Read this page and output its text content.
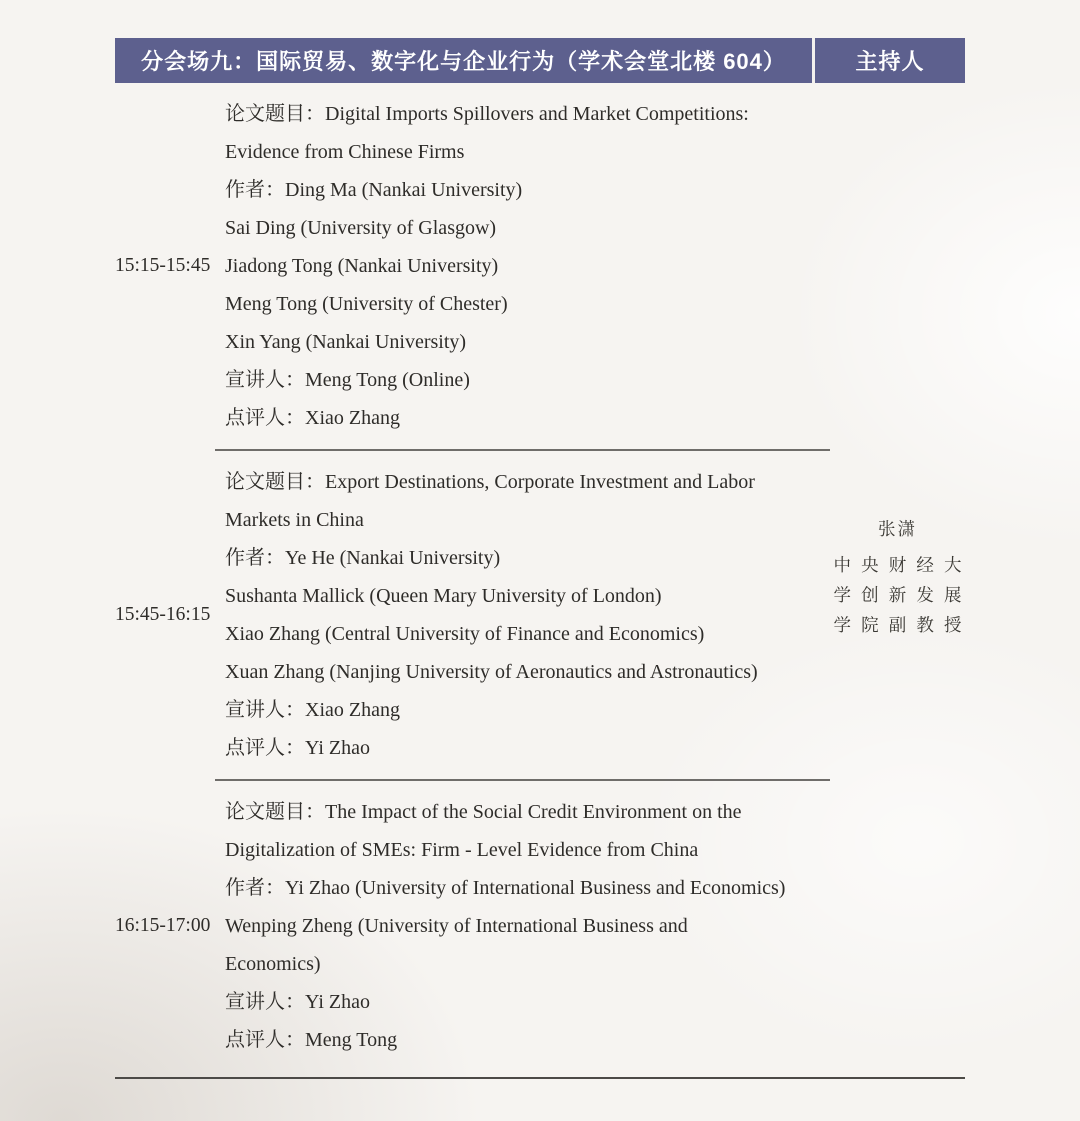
分会场九：国际贸易、数字化与企业行为（学术会堂北楼 604）	主持人
15:15-15:45
论文题目：Digital Imports Spillovers and Market Competitions:
Evidence from Chinese Firms
作者：Ding Ma (Nankai University)
Sai Ding (University of Glasgow)
Jiadong Tong (Nankai University)
Meng Tong (University of Chester)
Xin Yang (Nankai University)
宣讲人：Meng Tong (Online)
点评人：Xiao Zhang
15:45-16:15
论文题目：Export Destinations, Corporate Investment and Labor
Markets in China
作者：Ye He (Nankai University)
Sushanta Mallick (Queen Mary University of London)
Xiao Zhang (Central University of Finance and Economics)
Xuan Zhang (Nanjing University of Aeronautics and Astronautics)
宣讲人：Xiao Zhang
点评人：Yi Zhao
16:15-17:00
论文题目：The Impact of the Social Credit Environment on the
Digitalization of SMEs: Firm - Level Evidence from China
作者：Yi Zhao (University of International Business and Economics)
Wenping Zheng (University of International Business and
Economics)
宣讲人：Yi Zhao
点评人：Meng Tong
张潇
中央财经大
学创新发展
学院副教授
